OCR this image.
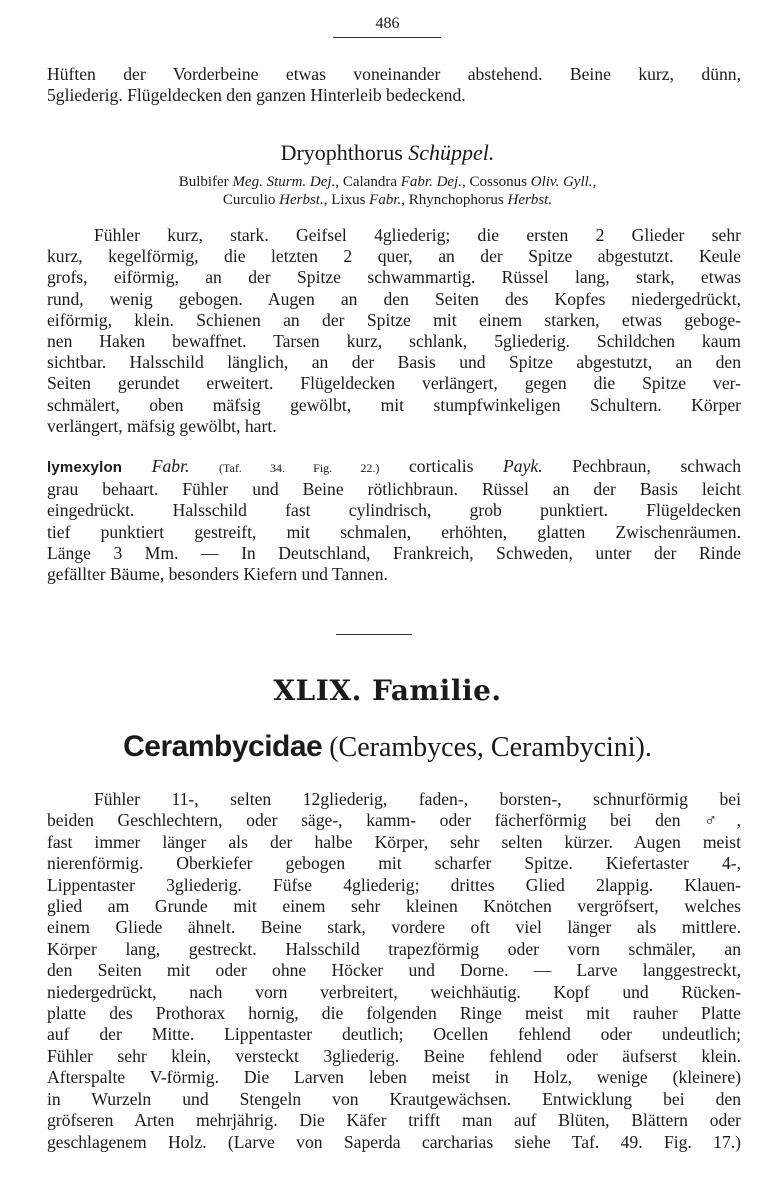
486
Hüften der Vorderbeine etwas voneinander abstehend. Beine kurz, dünn,
5gliederig. Flügeldecken den ganzen Hinterleib bedeckend.
Dryophthorus Schüppel.
Bulbifer Meg. Sturm. Dej., Calandra Fabr. Dej., Cossonus Oliv. Gyll.,
Curculio Herbst., Lixus Fabr., Rhynchophorus Herbst.
Fühler kurz, stark. Geifsel 4gliederig; die ersten 2 Glieder sehr
kurz, kegelförmig, die letzten 2 quer, an der Spitze abgestutzt. Keule
grofs, eiförmig, an der Spitze schwammartig. Rüssel lang, stark, etwas
rund, wenig gebogen. Augen an den Seiten des Kopfes niedergedrückt,
eiförmig, klein. Schienen an der Spitze mit einem starken, etwas geboge-
nen Haken bewaffnet. Tarsen kurz, schlank, 5gliederig. Schildchen kaum
sichtbar. Halsschild länglich, an der Basis und Spitze abgestutzt, an den
Seiten gerundet erweitert. Flügeldecken verlängert, gegen die Spitze ver-
schmälert, oben mäfsig gewölbt, mit stumpfwinkeligen Schultern. Körper
verlängert, mäfsig gewölbt, hart.
lymexylon Fabr. (Taf. 34. Fig. 22.) corticalis Payk. Pechbraun, schwach
grau behaart. Fühler und Beine rötlichbraun. Rüssel an der Basis leicht
eingedrückt. Halsschild fast cylindrisch, grob punktiert. Flügeldecken
tief punktiert gestreift, mit schmalen, erhöhten, glatten Zwischenräumen.
Länge 3 Mm. — In Deutschland, Frankreich, Schweden, unter der Rinde
gefällter Bäume, besonders Kiefern und Tannen.
XLIX. Familie.
Cerambycidae (Cerambyces, Cerambycini).
Fühler 11-, selten 12gliederig, faden-, borsten-, schnurförmig bei
beiden Geschlechtern, oder säge-, kamm- oder fächerförmig bei den ♂,
fast immer länger als der halbe Körper, sehr selten kürzer. Augen meist
nierenförmig. Oberkiefer gebogen mit scharfer Spitze. Kiefertaster 4-,
Lippentaster 3gliederig. Füfse 4gliederig; drittes Glied 2lappig. Klauen-
glied am Grunde mit einem sehr kleinen Knötchen vergröfsert, welches
einem Gliede ähnelt. Beine stark, vordere oft viel länger als mittlere.
Körper lang, gestreckt. Halsschild trapezförmig oder vorn schmäler, an
den Seiten mit oder ohne Höcker und Dorne. — Larve langgestreckt,
niedergedrückt, nach vorn verbreitert, weichhäutig. Kopf und Rücken-
platte des Prothorax hornig, die folgenden Ringe meist mit rauher Platte
auf der Mitte. Lippentaster deutlich; Ocellen fehlend oder undeutlich;
Fühler sehr klein, versteckt 3gliederig. Beine fehlend oder äufserst klein.
Afterspalte V-förmig. Die Larven leben meist in Holz, wenige (kleinere)
in Wurzeln und Stengeln von Krautgewächsen. Entwicklung bei den
gröfseren Arten mehrjährig. Die Käfer trifft man auf Blüten, Blättern oder
geschlagenem Holz. (Larve von Saperda carcharias siehe Taf. 49. Fig. 17.)
